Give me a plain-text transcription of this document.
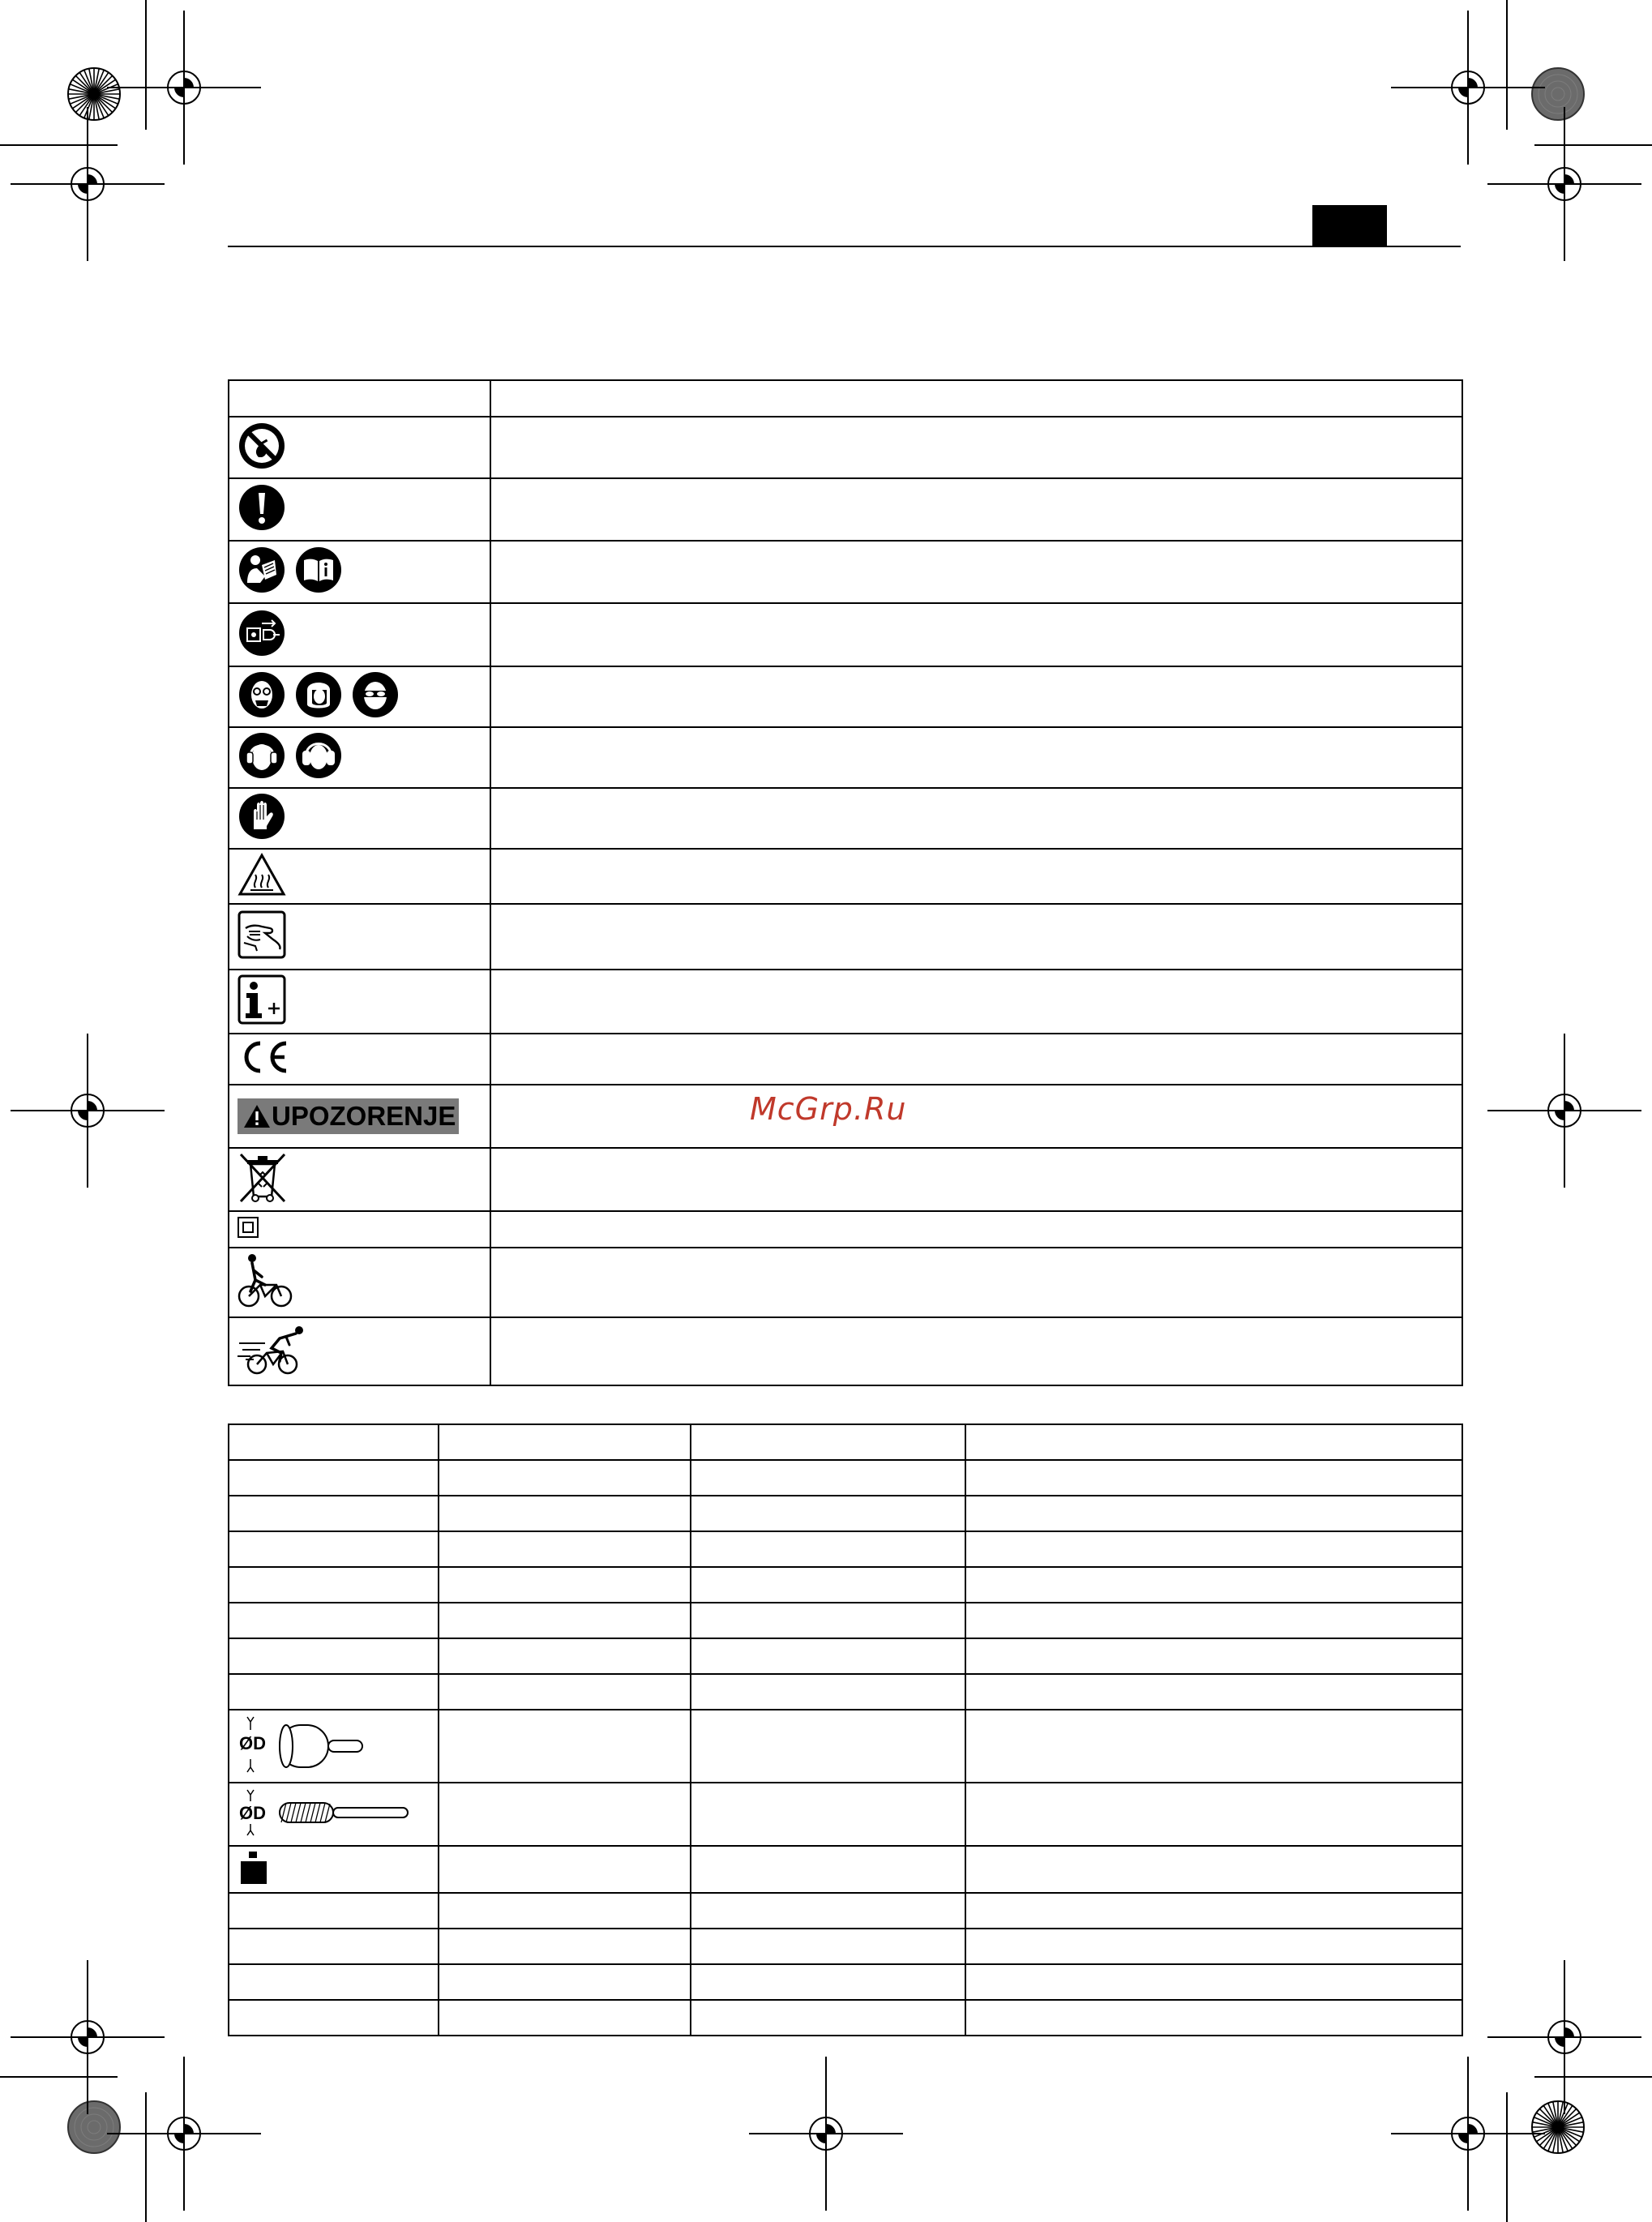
UPOZORENJE	

		McGrp.Ru

ØD			

ØD			
